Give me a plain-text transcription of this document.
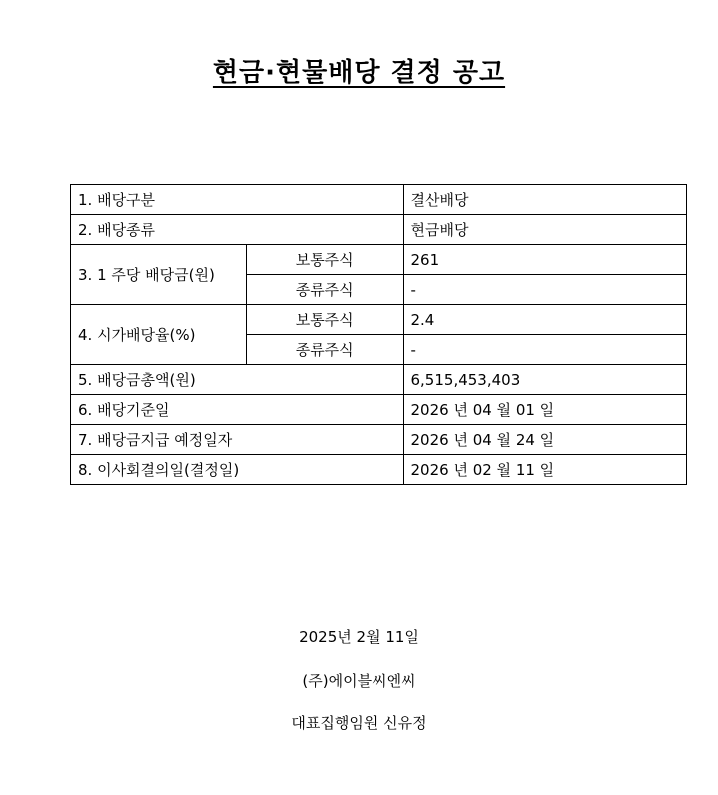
현금·현물배당 결정 공고
1. 배당구분		결산배당
2. 배당종류		현금배당
3. 1 주당 배당금(원)	보통주식	261
	종류주식	-
4. 시가배당율(%)	보통주식	2.4
	종류주식	-
5. 배당금총액(원)		6,515,453,403
6. 배당기준일		2026 년 04 월 01 일
7. 배당금지급 예정일자		2026 년 04 월 24 일
8. 이사회결의일(결정일)		2026 년 02 월 11 일
2025년 2월 11일
(주)에이블씨엔씨
대표집행임원 신유정
